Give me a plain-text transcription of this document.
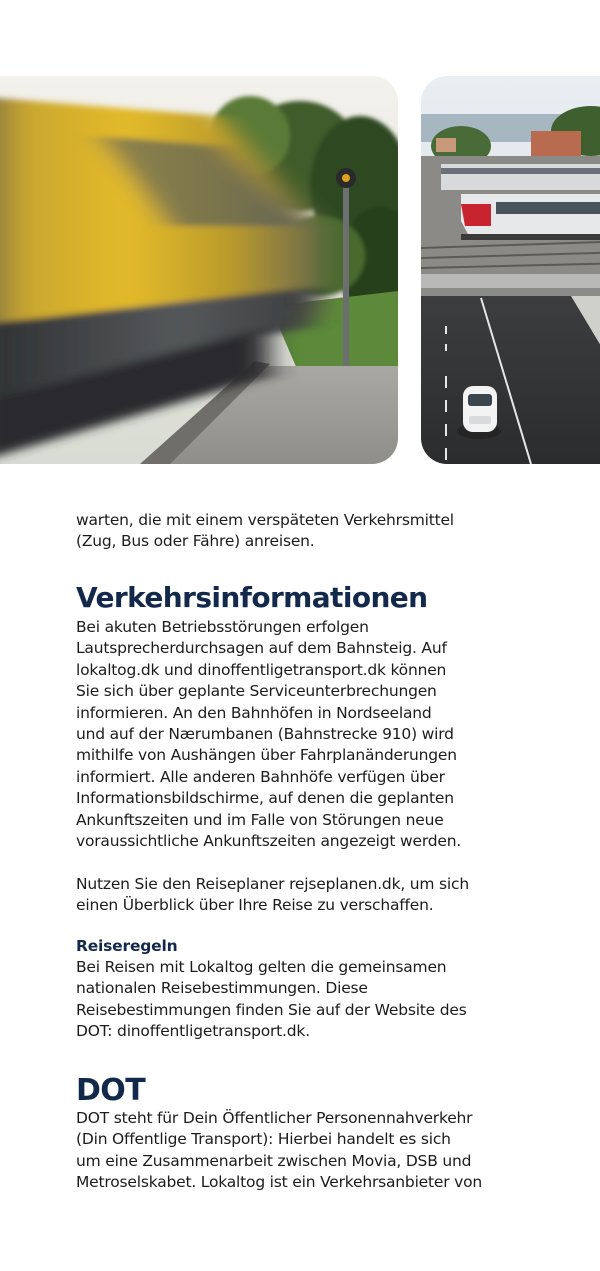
warten, die mit einem verspäteten Verkehrsmittel
(Zug, Bus oder Fähre) anreisen.

Verkehrsinformationen

Bei akuten Betriebsstörungen erfolgen
Lautsprecherdurchsagen auf dem Bahnsteig. Auf
lokaltog.dk und dinoffentligetransport.dk können
Sie sich über geplante Serviceunterbrechungen
informieren. An den Bahnhöfen in Nordseeland
und auf der Nærumbanen (Bahnstrecke 910) wird
mithilfe von Aushängen über Fahrplanänderungen
informiert. Alle anderen Bahnhöfe verfügen über
Informationsbildschirme, auf denen die geplanten
Ankunftszeiten und im Falle von Störungen neue
voraussichtliche Ankunftszeiten angezeigt werden.

Nutzen Sie den Reiseplaner rejseplanen.dk, um sich
einen Überblick über Ihre Reise zu verschaffen.

Reiseregeln

Bei Reisen mit Lokaltog gelten die gemeinsamen
nationalen Reisebestimmungen. Diese
Reisebestimmungen finden Sie auf der Website des
DOT: dinoffentligetransport.dk.

DOT

DOT steht für Dein Öffentlicher Personennahverkehr
(Din Offentlige Transport): Hierbei handelt es sich
um eine Zusammenarbeit zwischen Movia, DSB und
Metroselskabet. Lokaltog ist ein Verkehrsanbieter von
